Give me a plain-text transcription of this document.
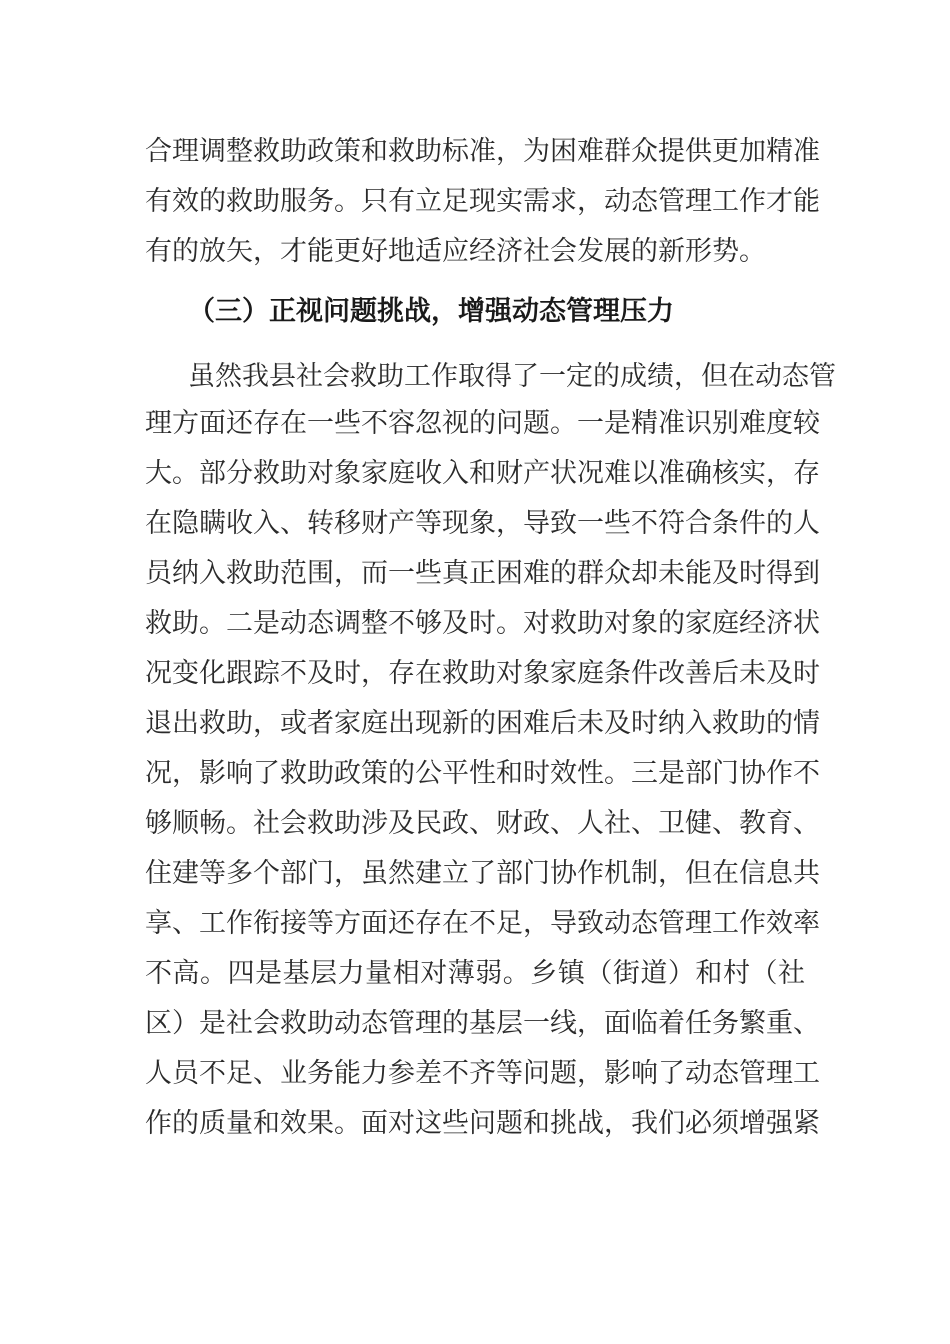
合理调整救助政策和救助标准，为困难群众提供更加精准
有效的救助服务。只有立足现实需求，动态管理工作才能
有的放矢，才能更好地适应经济社会发展的新形势。
（三）正视问题挑战，增强动态管理压力
虽然我县社会救助工作取得了一定的成绩，但在动态管
理方面还存在一些不容忽视的问题。一是精准识别难度较
大。部分救助对象家庭收入和财产状况难以准确核实，存
在隐瞒收入、转移财产等现象，导致一些不符合条件的人
员纳入救助范围，而一些真正困难的群众却未能及时得到
救助。二是动态调整不够及时。对救助对象的家庭经济状
况变化跟踪不及时，存在救助对象家庭条件改善后未及时
退出救助，或者家庭出现新的困难后未及时纳入救助的情
况，影响了救助政策的公平性和时效性。三是部门协作不
够顺畅。社会救助涉及民政、财政、人社、卫健、教育、
住建等多个部门，虽然建立了部门协作机制，但在信息共
享、工作衔接等方面还存在不足，导致动态管理工作效率
不高。四是基层力量相对薄弱。乡镇（街道）和村（社
区）是社会救助动态管理的基层一线，面临着任务繁重、
人员不足、业务能力参差不齐等问题，影响了动态管理工
作的质量和效果。面对这些问题和挑战，我们必须增强紧
